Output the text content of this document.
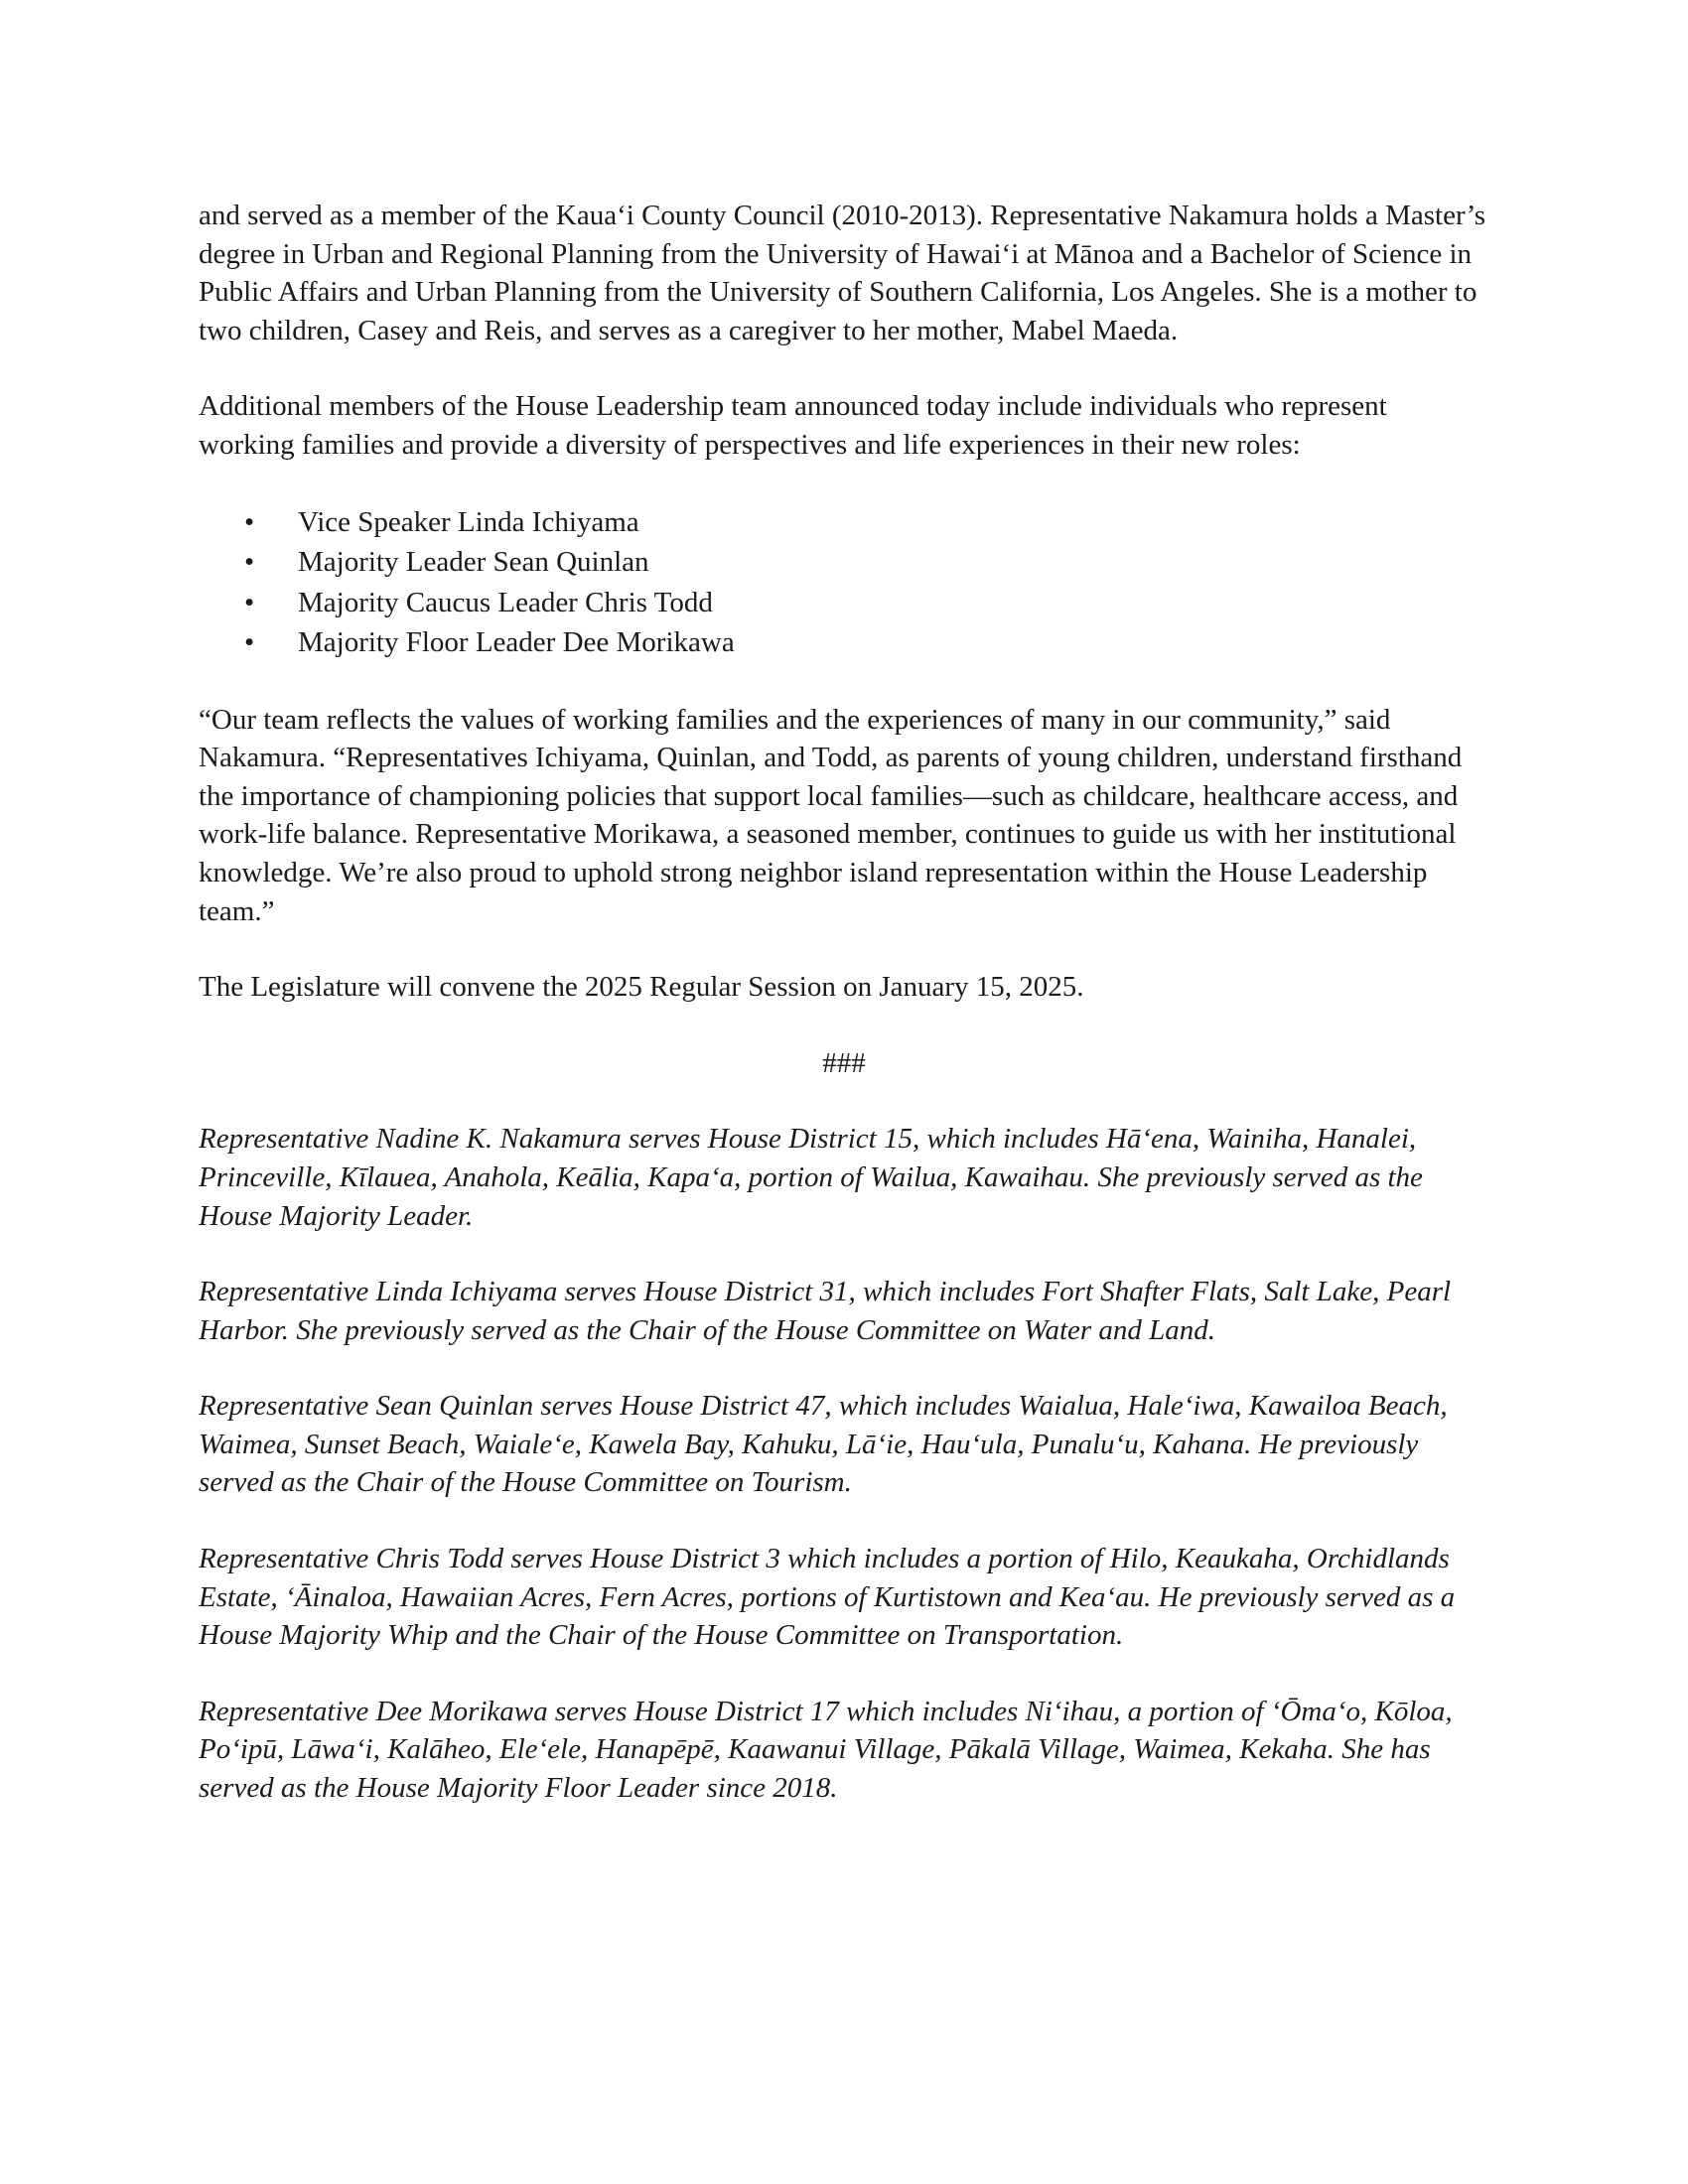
and served as a member of the Kauaʻi County Council (2010-2013). Representative Nakamura holds a Master’s degree in Urban and Regional Planning from the University of Hawaiʻi at Mānoa and a Bachelor of Science in Public Affairs and Urban Planning from the University of Southern California, Los Angeles. She is a mother to two children, Casey and Reis, and serves as a caregiver to her mother, Mabel Maeda.

Additional members of the House Leadership team announced today include individuals who represent working families and provide a diversity of perspectives and life experiences in their new roles:

• Vice Speaker Linda Ichiyama
• Majority Leader Sean Quinlan
• Majority Caucus Leader Chris Todd
• Majority Floor Leader Dee Morikawa

“Our team reflects the values of working families and the experiences of many in our community,” said Nakamura. “Representatives Ichiyama, Quinlan, and Todd, as parents of young children, understand firsthand the importance of championing policies that support local families—such as childcare, healthcare access, and work-life balance. Representative Morikawa, a seasoned member, continues to guide us with her institutional knowledge. We’re also proud to uphold strong neighbor island representation within the House Leadership team.”

The Legislature will convene the 2025 Regular Session on January 15, 2025.

###

Representative Nadine K. Nakamura serves House District 15, which includes Hāʻena, Wainiha, Hanalei, Princeville, Kīlauea, Anahola, Keālia, Kapaʻa, portion of Wailua, Kawaihau. She previously served as the House Majority Leader.

Representative Linda Ichiyama serves House District 31, which includes Fort Shafter Flats, Salt Lake, Pearl Harbor. She previously served as the Chair of the House Committee on Water and Land.

Representative Sean Quinlan serves House District 47, which includes Waialua, Haleʻiwa, Kawailoa Beach, Waimea, Sunset Beach, Waialeʻe, Kawela Bay, Kahuku, Lāʻie, Hauʻula, Punaluʻu, Kahana. He previously served as the Chair of the House Committee on Tourism.

Representative Chris Todd serves House District 3 which includes a portion of Hilo, Keaukaha, Orchidlands Estate, ʻĀinaloa, Hawaiian Acres, Fern Acres, portions of Kurtistown and Keaʻau. He previously served as a House Majority Whip and the Chair of the House Committee on Transportation.

Representative Dee Morikawa serves House District 17 which includes Niʻihau, a portion of ʻŌmaʻo, Kōloa, Poʻipū, Lāwaʻi, Kalāheo, Eleʻele, Hanapēpē, Kaawanui Village, Pākalā Village, Waimea, Kekaha. She has served as the House Majority Floor Leader since 2018.
